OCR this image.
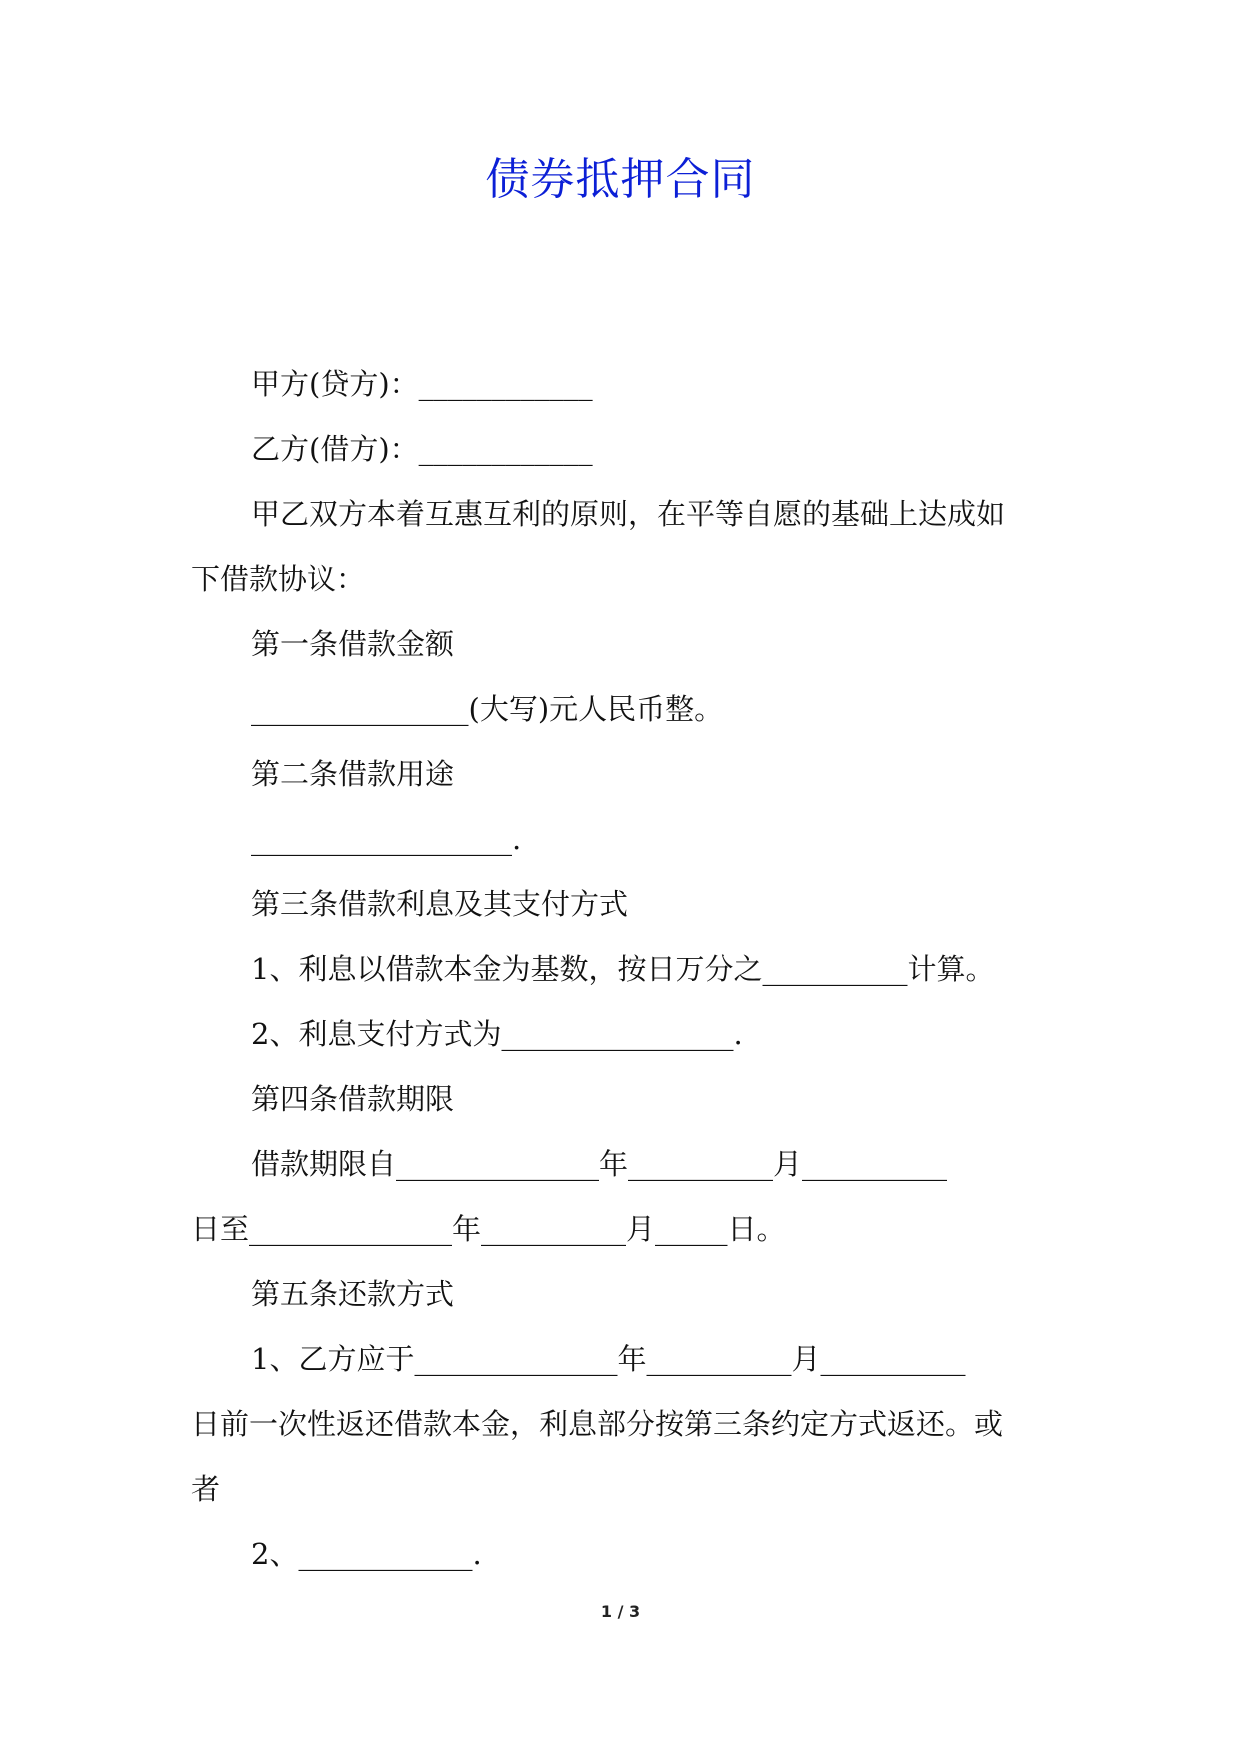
债券抵押合同
甲方(贷方)：____________
乙方(借方)：____________
甲乙双方本着互惠互利的原则，在平等自愿的基础上达成如
下借款协议：
第一条借款金额
_______________(大写)元人民币整。
第二条借款用途
__________________.
第三条借款利息及其支付方式
1、利息以借款本金为基数，按日万分之__________计算。
2、利息支付方式为________________.
第四条借款期限
借款期限自______________年__________月__________
日至______________年__________月_____日。
第五条还款方式
1、乙方应于______________年__________月__________
日前一次性返还借款本金，利息部分按第三条约定方式返还。或
者
2、____________.
1 / 3
